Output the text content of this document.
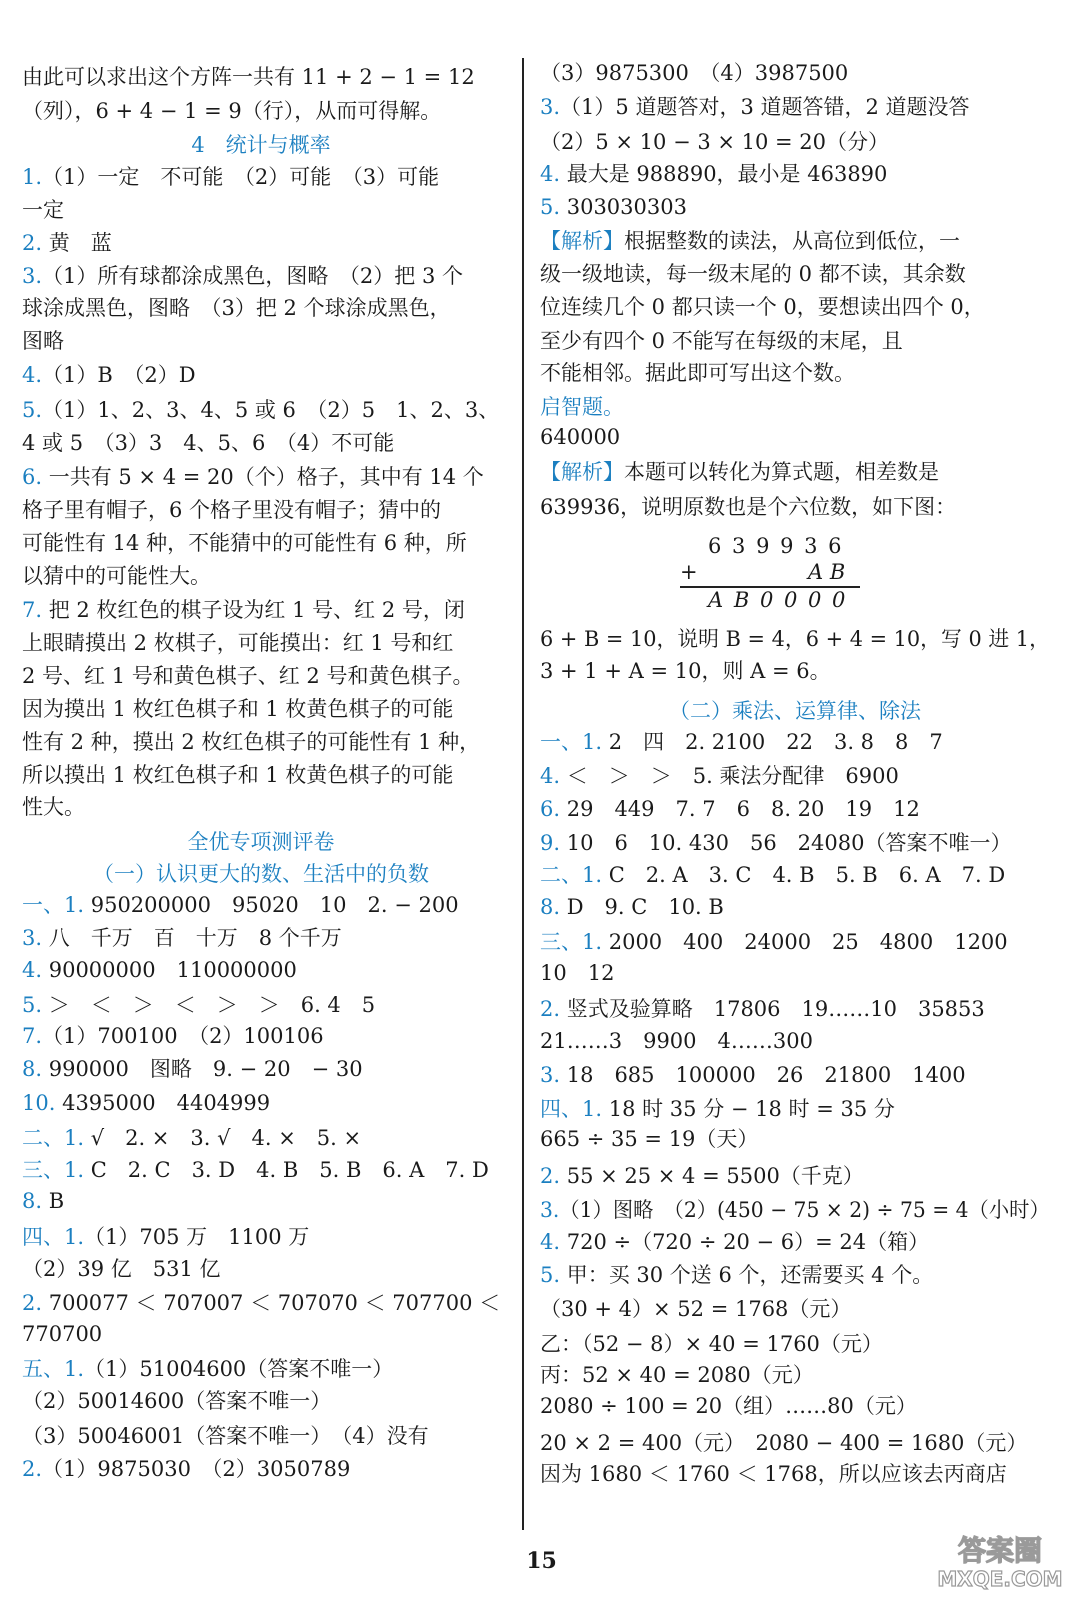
由此可以求出这个方阵一共有 11 + 2 − 1 = 12
（列），6 + 4 − 1 = 9（行），从而可得解。
4　统计与概率
1.（1）一定　不可能　（2）可能　（3）可能
一定
2. 黄　蓝
3.（1）所有球都涂成黑色，图略　（2）把 3 个
球涂成黑色，图略　（3）把 2 个球涂成黑色，
图略
4.（1）B　（2）D
5.（1）1、2、3、4、5 或 6　（2）5　1、2、3、
4 或 5　（3）3　4、5、6　（4）不可能
6. 一共有 5 × 4 = 20（个）格子，其中有 14 个
格子里有帽子，6 个格子里没有帽子；猜中的
可能性有 14 种，不能猜中的可能性有 6 种，所
以猜中的可能性大。
7. 把 2 枚红色的棋子设为红 1 号、红 2 号，闭
上眼睛摸出 2 枚棋子，可能摸出：红 1 号和红
2 号、红 1 号和黄色棋子、红 2 号和黄色棋子。
因为摸出 1 枚红色棋子和 1 枚黄色棋子的可能
性有 2 种，摸出 2 枚红色棋子的可能性有 1 种，
所以摸出 1 枚红色棋子和 1 枚黄色棋子的可能
性大。
全优专项测评卷
（一）认识更大的数、生活中的负数
一、1. 950200000　95020　10　2. − 200
3. 八　千万　百　十万　8 个千万
4. 90000000　110000000
5. ＞　＜　＞　＜　＞　＞　6. 4　5
7.（1）700100　（2）100106
8. 990000　图略　9. − 20　− 30
10. 4395000　4404999
二、1. √　2. ×　3. √　4. ×　5. ×
三、1. C　2. C　3. D　4. B　5. B　6. A　7. D
8. B
四、1.（1）705 万　1100 万
（2）39 亿　531 亿
2. 700077 ＜ 707007 ＜ 707070 ＜ 707700 ＜
770700
五、1.（1）51004600（答案不唯一）
（2）50014600（答案不唯一）
（3）50046001（答案不唯一）　（4）没有
2.（1）9875030　（2）3050789
（3）9875300　（4）3987500
3.（1）5 道题答对，3 道题答错，2 道题没答
（2）5 × 10 − 3 × 10 = 20（分）
4. 最大是 988890，最小是 463890
5. 303030303
【解析】根据整数的读法，从高位到低位，一
级一级地读，每一级末尾的 0 都不读，其余数
位连续几个 0 都只读一个 0，要想读出四个 0，
至少有四个 0 不能写在每级的末尾，且
不能相邻。据此即可写出这个数。
启智题。
640000
【解析】本题可以转化为算式题，相差数是
639936，说明原数也是个六位数，如下图：
6 + B = 10，说明 B = 4，6 + 4 = 10，写 0 进 1，
3 + 1 + A = 10，则 A = 6。
（二）乘法、运算律、除法
一、1. 2　四　2. 2100　22　3. 8　8　7
4. ＜　＞　＞　5. 乘法分配律　6900
6. 29　449　7. 7　6　8. 20　19　12
9. 10　6　10. 430　56　24080（答案不唯一）
二、1. C　2. A　3. C　4. B　5. B　6. A　7. D
8. D　9. C　10. B
三、1. 2000　400　24000　25　4800　1200
10　12
2. 竖式及验算略　17806　19……10　35853
21……3　9900　4……300
3. 18　685　100000　26　21800　1400
四、1. 18 时 35 分 − 18 时 = 35 分
665 ÷ 35 = 19（天）
2. 55 × 25 × 4 = 5500（千克）
3.（1）图略　（2）(450 − 75 × 2) ÷ 75 = 4（小时）
4. 720 ÷（720 ÷ 20 − 6）= 24（箱）
5. 甲：买 30 个送 6 个，还需要买 4 个。
（30 + 4）× 52 = 1768（元）
乙：（52 − 8）× 40 = 1760（元）
丙：52 × 40 = 2080（元）
2080 ÷ 100 = 20（组）……80（元）
20 × 2 = 400（元）　2080 − 400 = 1680（元）
因为 1680 ＜ 1760 ＜ 1768，所以应该去丙商店
6 3 9 9 3 6
+	A B
A B 0 0 0 0
15	答案圈
MXQE.COM
